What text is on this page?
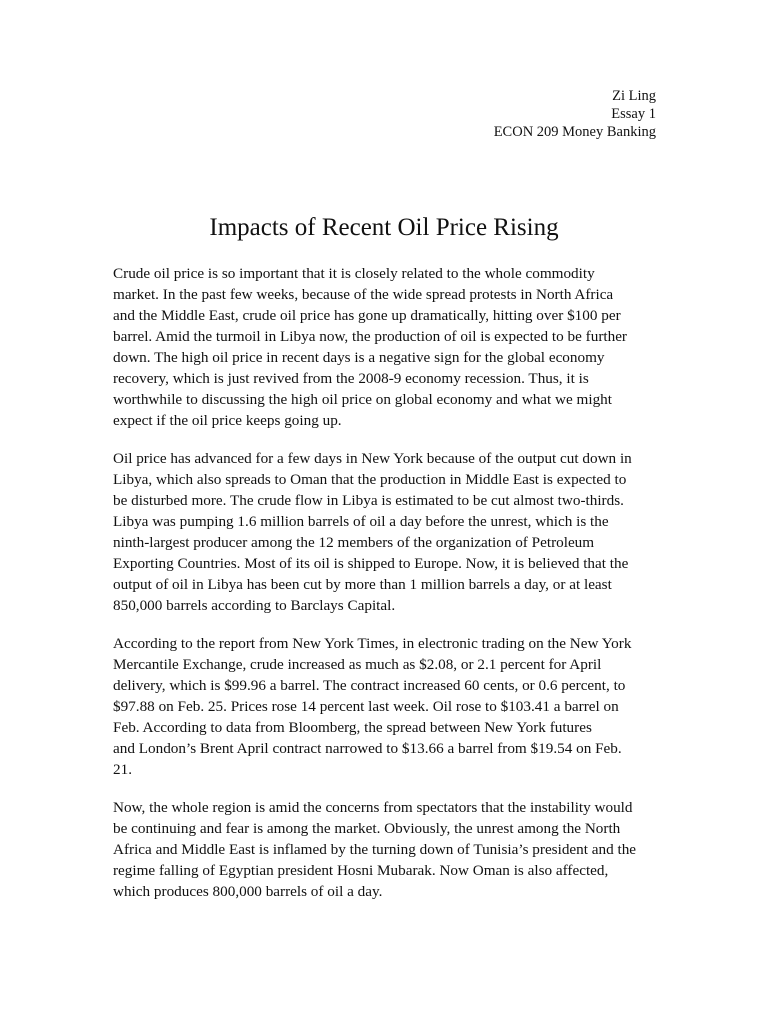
Zi Ling
Essay 1
ECON 209 Money Banking
Impacts of Recent Oil Price Rising

Crude oil price is so important that it is closely related to the whole commodity
market. In the past few weeks, because of the wide spread protests in North Africa
and the Middle East, crude oil price has gone up dramatically, hitting over $100 per
barrel. Amid the turmoil in Libya now, the production of oil is expected to be further
down. The high oil price in recent days is a negative sign for the global economy
recovery, which is just revived from the 2008-9 economy recession. Thus, it is
worthwhile to discussing the high oil price on global economy and what we might
expect if the oil price keeps going up.

Oil price has advanced for a few days in New York because of the output cut down in
Libya, which also spreads to Oman that the production in Middle East is expected to
be disturbed more. The crude flow in Libya is estimated to be cut almost two-thirds.
Libya was pumping 1.6 million barrels of oil a day before the unrest, which is the
ninth-largest producer among the 12 members of the organization of Petroleum
Exporting Countries. Most of its oil is shipped to Europe. Now, it is believed that the
output of oil in Libya has been cut by more than 1 million barrels a day, or at least
850,000 barrels according to Barclays Capital.

According to the report from New York Times, in electronic trading on the New York
Mercantile Exchange, crude increased as much as $2.08, or 2.1 percent for April
delivery, which is $99.96 a barrel. The contract increased 60 cents, or 0.6 percent, to
$97.88 on Feb. 25. Prices rose 14 percent last week. Oil rose to $103.41 a barrel on
Feb. According to data from Bloomberg, the spread between New York futures
and London’s Brent April contract narrowed to $13.66 a barrel from $19.54 on Feb.
21.

Now, the whole region is amid the concerns from spectators that the instability would
be continuing and fear is among the market. Obviously, the unrest among the North
Africa and Middle East is inflamed by the turning down of Tunisia’s president and the
regime falling of Egyptian president Hosni Mubarak. Now Oman is also affected,
which produces 800,000 barrels of oil a day.
